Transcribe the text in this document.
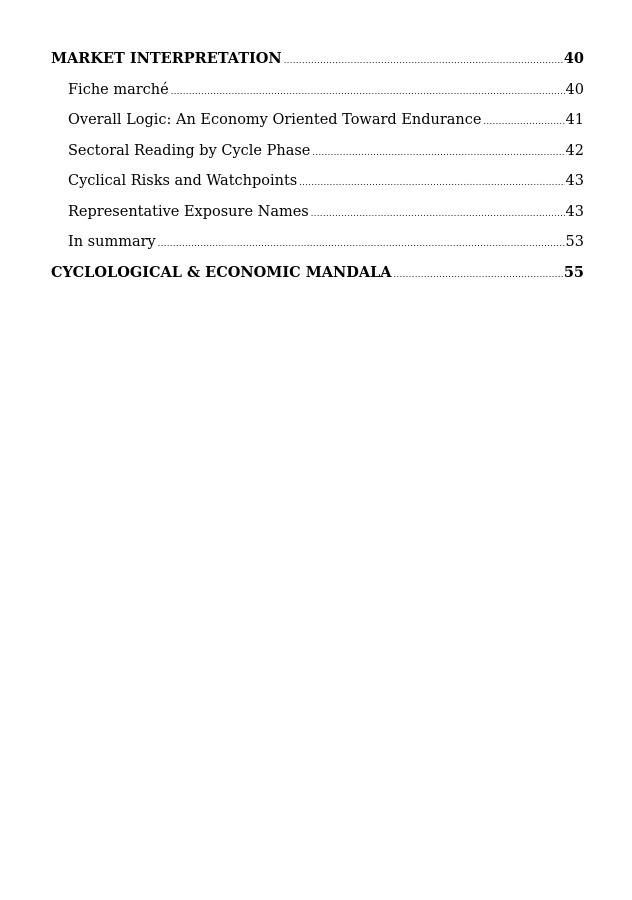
MARKET INTERPRETATION .....	40
Fiche marché .....	40
Overall Logic: An Economy Oriented Toward Endurance .....	41
Sectoral Reading by Cycle Phase .....	42
Cyclical Risks and Watchpoints .....	43
Representative Exposure Names .....	43
In summary .....	53
CYCLOLOGICAL & ECONOMIC MANDALA .....	55
